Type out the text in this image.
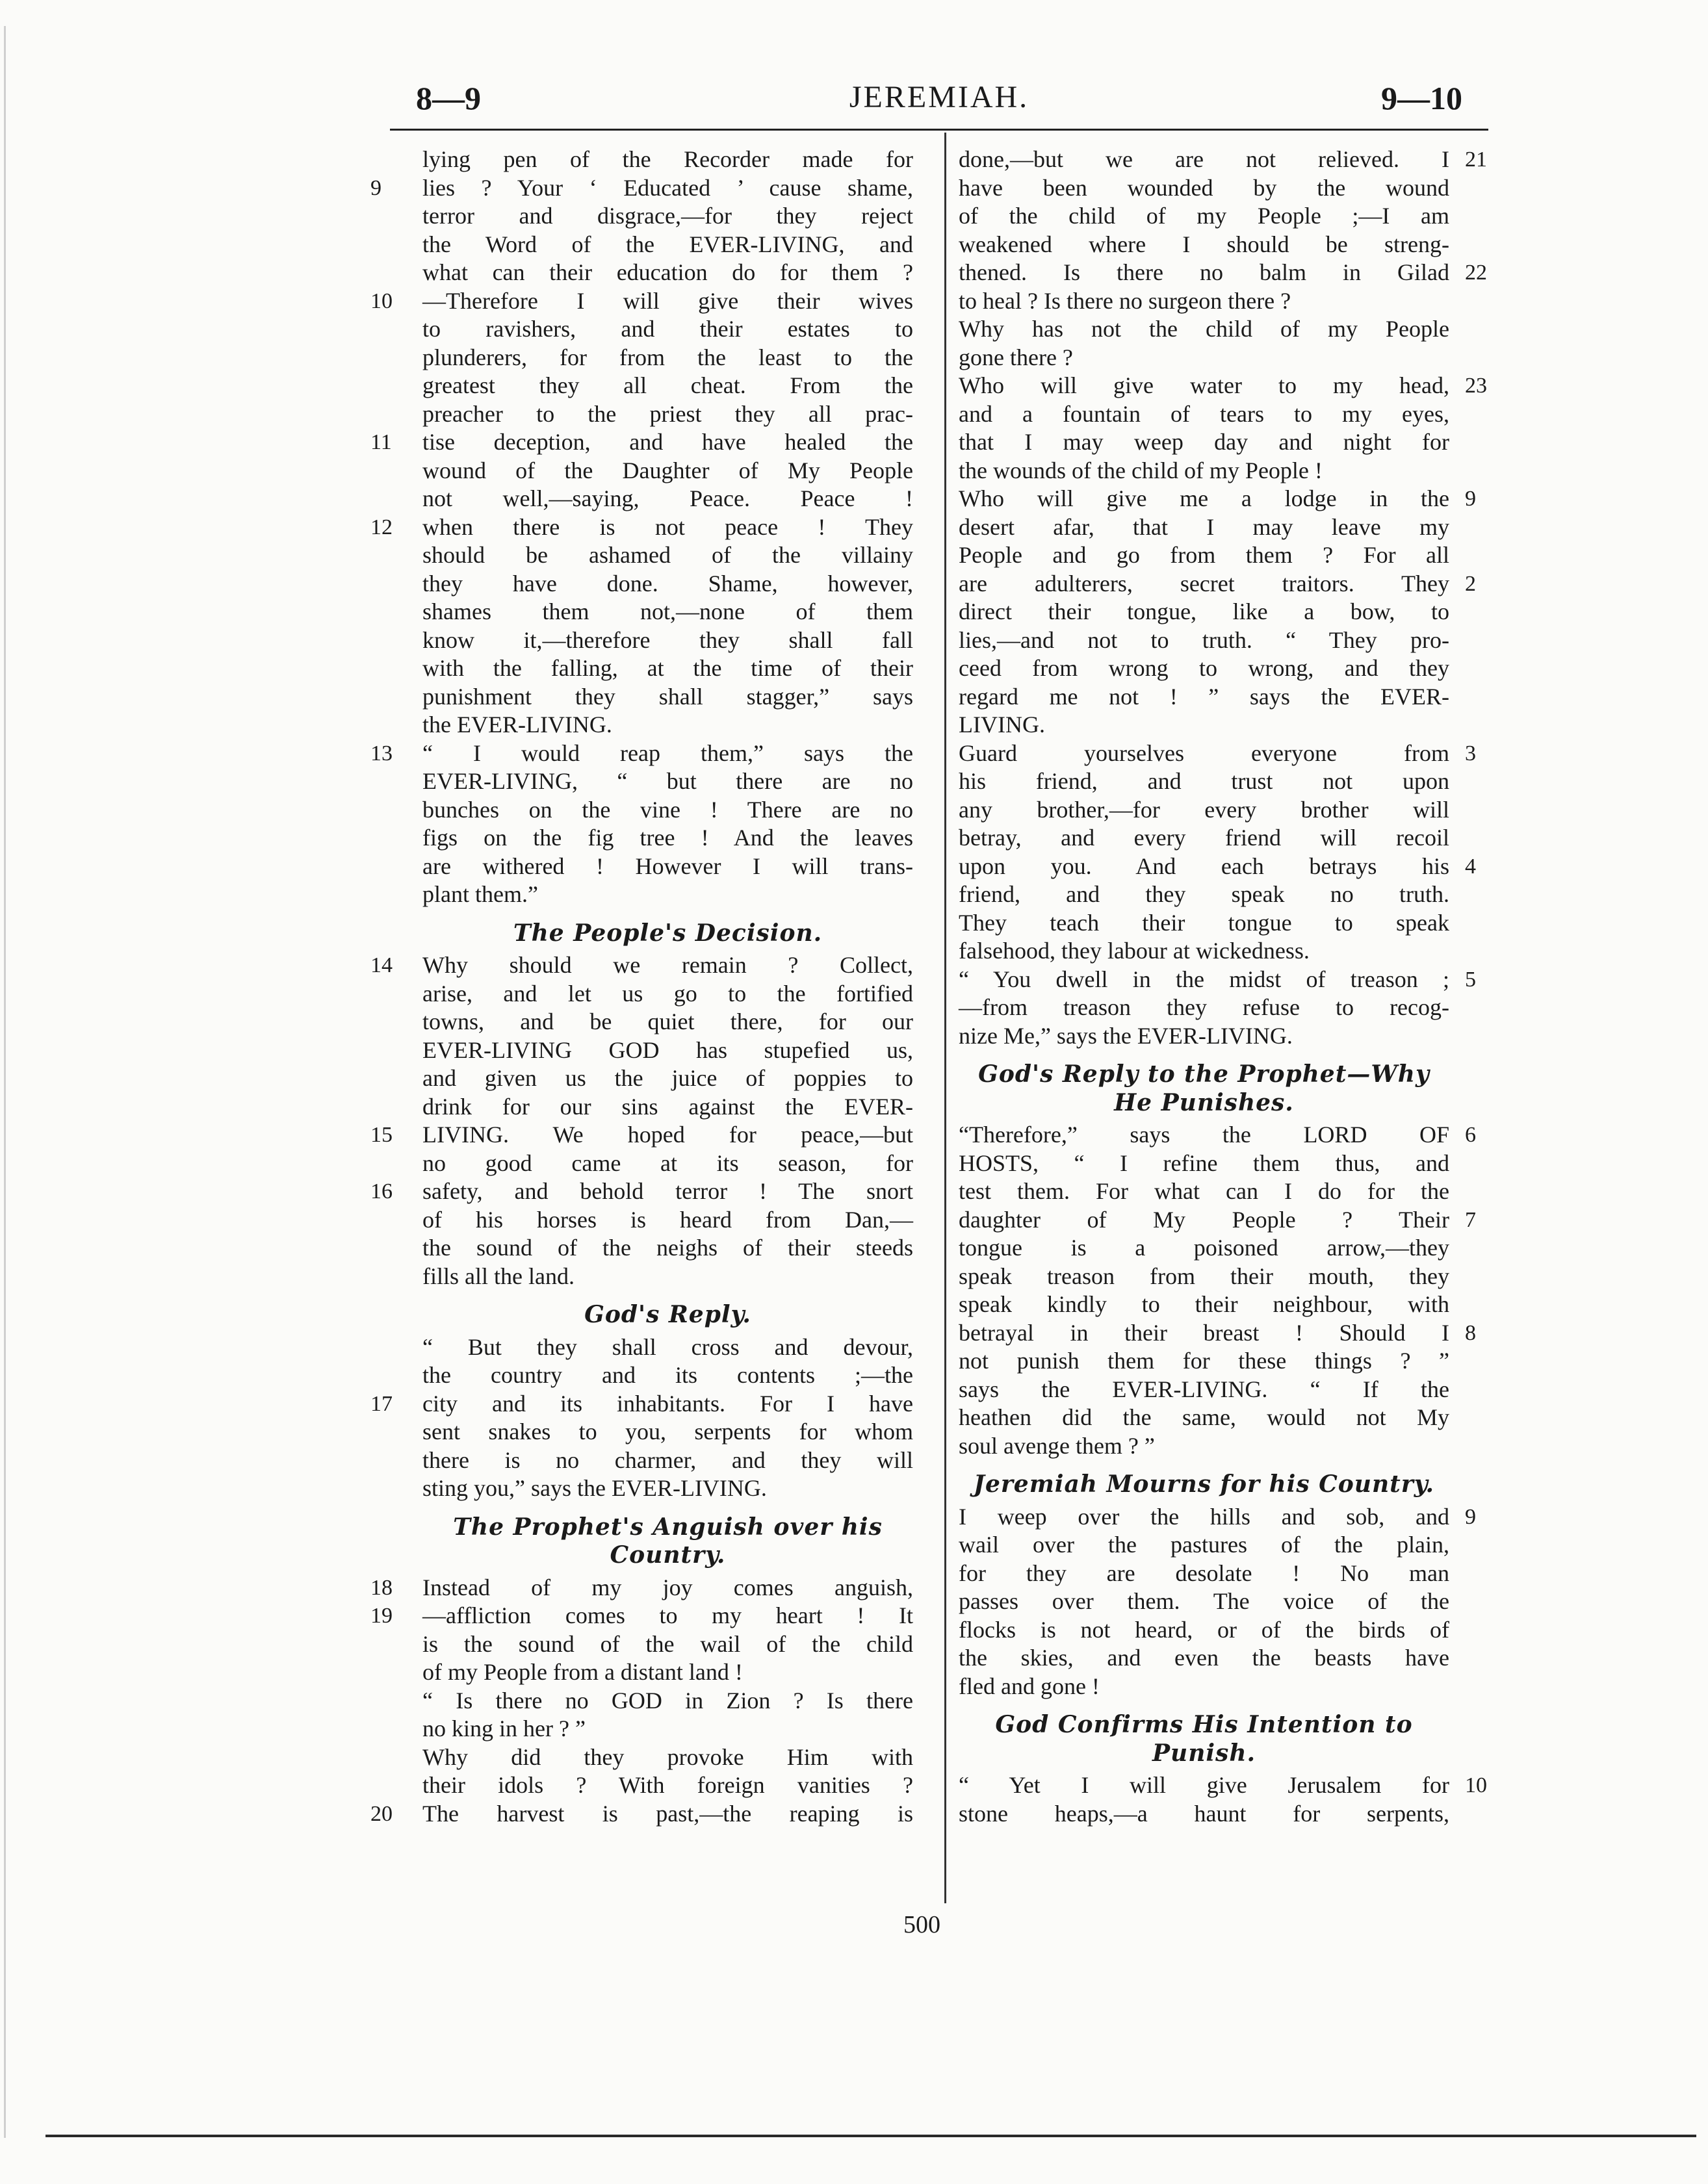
8—9	JEREMIAH.	9—10
lying pen of the Recorder made for
lies ? Your ‘ Educated ’ cause shame,
9
terror and disgrace,—for they reject
the Word of the EVER-LIVING, and
what can their education do for them ?
—Therefore I will give their wives
10
to ravishers, and their estates to
plunderers, for from the least to the
greatest they all cheat. From the
preacher to the priest they all prac-
tise deception, and have healed the
11
wound of the Daughter of My People
not well,—saying, Peace. Peace !
when there is not peace ! They
12
should be ashamed of the villainy
they have done. Shame, however,
shames them not,—none of them
know it,—therefore they shall fall
with the falling, at the time of their
punishment they shall stagger,” says
the EVER-LIVING.
“ I would reap them,” says the
13
EVER-LIVING, “ but there are no
bunches on the vine ! There are no
figs on the fig tree ! And the leaves
are withered ! However I will trans-
plant them.”
The People's Decision.
Why should we remain ? Collect,
14
arise, and let us go to the fortified
towns, and be quiet there, for our
EVER-LIVING GOD has stupefied us,
and given us the juice of poppies to
drink for our sins against the EVER-
LIVING. We hoped for peace,—but
15
no good came at its season, for
safety, and behold terror ! The snort
16
of his horses is heard from Dan,—
the sound of the neighs of their steeds
fills all the land.
God's Reply.
“ But they shall cross and devour,
the country and its contents ;—the
city and its inhabitants. For I have
17
sent snakes to you, serpents for whom
there is no charmer, and they will
sting you,” says the EVER-LIVING.
The Prophet's Anguish over his
Country.
Instead of my joy comes anguish,
18
—affliction comes to my heart ! It
19
is the sound of the wail of the child
of my People from a distant land !
“ Is there no GOD in Zion ? Is there
no king in her ? ”
Why did they provoke Him with
their idols ? With foreign vanities ?
The harvest is past,—the reaping is
20
done,—but we are not relieved. I 21
have been wounded by the wound
of the child of my People ;—I am
weakened where I should be streng-
thened. Is there no balm in Gilad 22
to heal ? Is there no surgeon there ?
Why has not the child of my People
gone there ?
Who will give water to my head, 23
and a fountain of tears to my eyes,
that I may weep day and night for
the wounds of the child of my People !
Who will give me a lodge in the 9
desert afar, that I may leave my
People and go from them ? For all
are adulterers, secret traitors. They 2
direct their tongue, like a bow, to
lies,—and not to truth. “ They pro-
ceed from wrong to wrong, and they
regard me not ! ” says the EVER-
LIVING.
Guard yourselves everyone from 3
his friend, and trust not upon
any brother,—for every brother will
betray, and every friend will recoil
upon you. And each betrays his 4
friend, and they speak no truth.
They teach their tongue to speak
falsehood, they labour at wickedness.
“ You dwell in the midst of treason ; 5
—from treason they refuse to recog-
nize Me,” says the EVER-LIVING.
God's Reply to the Prophet—Why
He Punishes.
“Therefore,” says the LORD OF 6
HOSTS, “ I refine them thus, and
test them. For what can I do for the
daughter of My People ? Their 7
tongue is a poisoned arrow,—they
speak treason from their mouth, they
speak kindly to their neighbour, with
betrayal in their breast ! Should I 8
not punish them for these things ? ”
says the EVER-LIVING. “ If the
heathen did the same, would not My
soul avenge them ? ”
Jeremiah Mourns for his Country.
I weep over the hills and sob, and 9
wail over the pastures of the plain,
for they are desolate ! No man
passes over them. The voice of the
flocks is not heard, or of the birds of
the skies, and even the beasts have
fled and gone !
God Confirms His Intention to
Punish.
“ Yet I will give Jerusalem for 10
stone heaps,—a haunt for serpents,
500
